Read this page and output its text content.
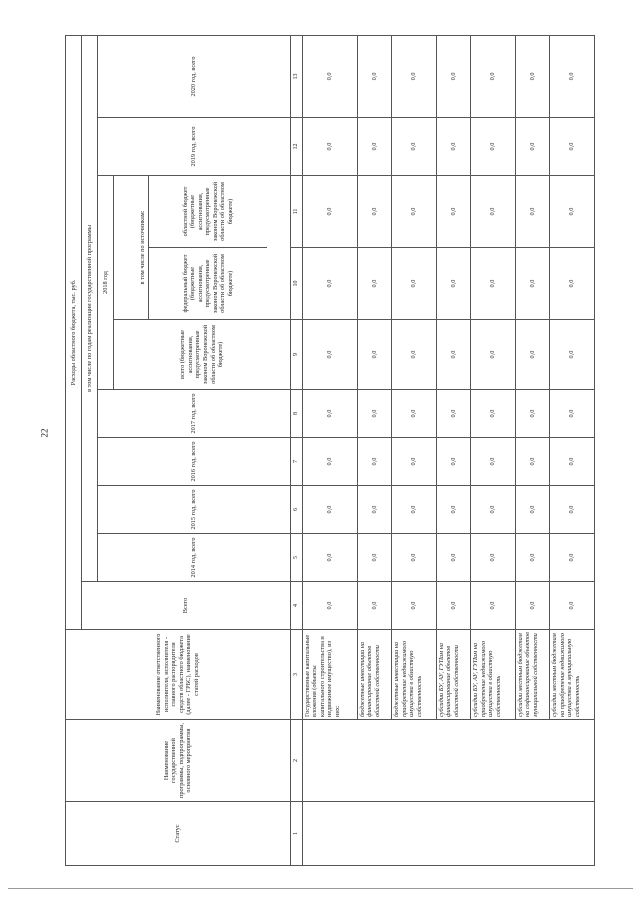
22
Статус	Наименование государственной программы, подпрограммы, основного мероприятия	Наименование ответственного исполнителя, исполнителя - главного распорядителя средств областного бюджета (далее - ГРБС), наименование статей расходов	Расходы областного бюджета, тыс. руб.
Всего	в том числе по годам реализации государственной программы
2014 год, всего	2015 год, всего	2016 год, всего	2017 год, всего	2018 год	2019 год, всего	2020 год, всего
всего (бюджетные ассигнования, предусмотренные законом Воронежской области об областном бюджете)	
в том числе по источникам:федеральный бюджет (бюджетные ассигнования, предусмотренные законом Воронежской области об областном бюджете)	областной бюджет (бюджетные ассигнования, предусмотренные законом Воронежской области об областном бюджете)

1	2	3	4	5	6	7	8	9	10	11	12	13
		Государственные капитальные вложения (объекты капитального строительства и недвижимое имущество), из них:	0,0	0,0	0,0	0,0	0,0	0,0	0,0	0,0	0,0	0,0
		бюджетные инвестиции на финансирование объектов областной собственности	0,0	0,0	0,0	0,0	0,0	0,0	0,0	0,0	0,0	0,0
		бюджетные инвестиции на приобретение недвижимого имущества в областную собственность	0,0	0,0	0,0	0,0	0,0	0,0	0,0	0,0	0,0	0,0
		субсидии БУ, АУ, ГУПам на финансирование объектов областной собственности	0,0	0,0	0,0	0,0	0,0	0,0	0,0	0,0	0,0	0,0
		субсидии БУ, АУ, ГУПам на приобретение недвижимого имущества в областную собственность	0,0	0,0	0,0	0,0	0,0	0,0	0,0	0,0	0,0	0,0
		субсидии местным бюджетам на софинансирование объектов муниципальной собственности	0,0	0,0	0,0	0,0	0,0	0,0	0,0	0,0	0,0	0,0
		субсидии местным бюджетам на приобретение недвижимого имущества в муниципальную собственность	0,0	0,0	0,0	0,0	0,0	0,0	0,0	0,0	0,0	0,0
